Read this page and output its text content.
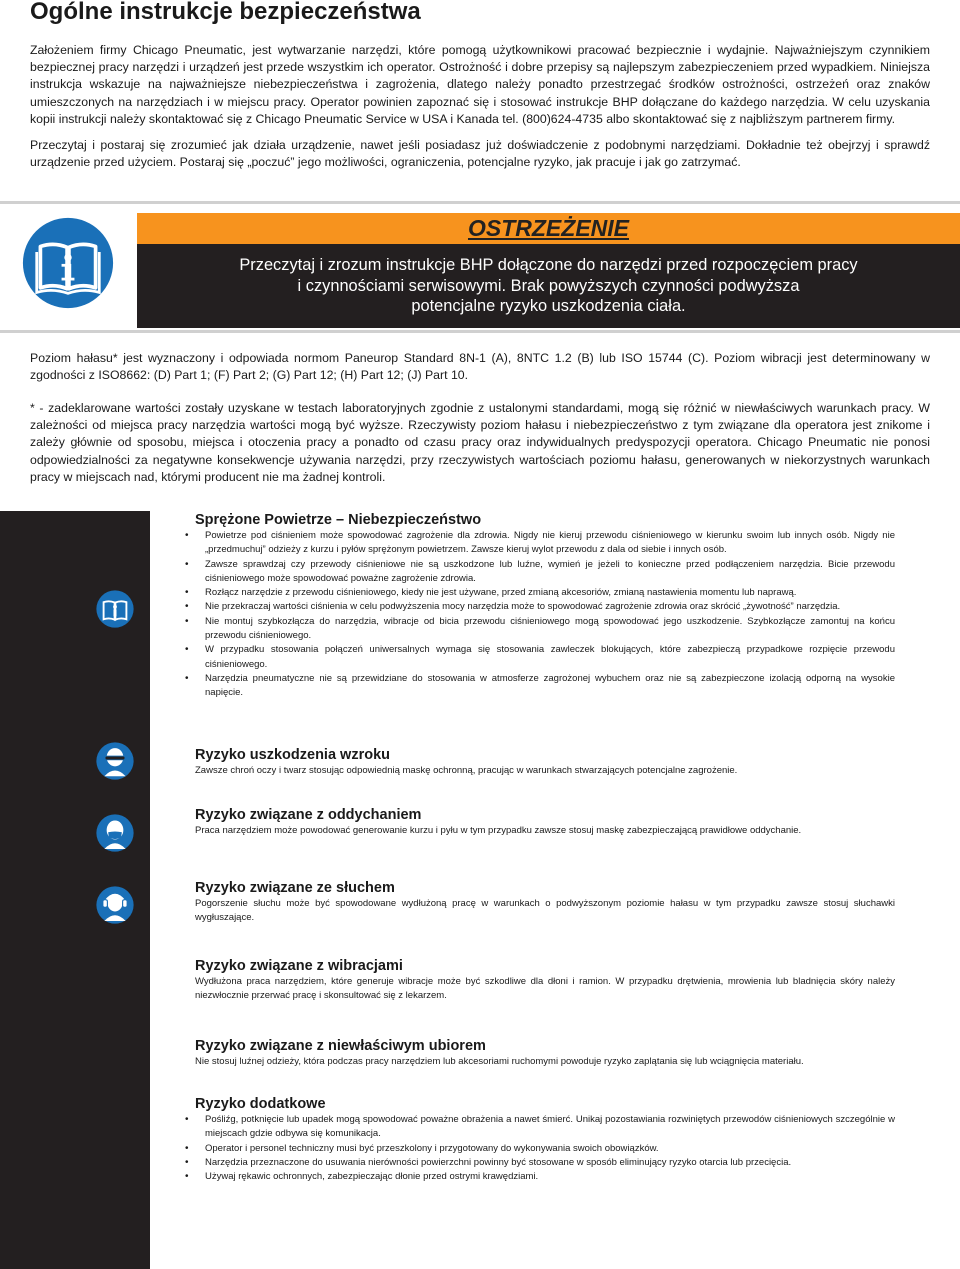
Ogólne instrukcje bezpieczeństwa

Założeniem firmy Chicago Pneumatic, jest wytwarzanie narzędzi, które pomogą użytkownikowi pracować bezpiecznie i wydajnie. Najważniejszym czynnikiem bezpiecznej pracy narzędzi i urządzeń jest przede wszystkim ich operator. Ostrożność i dobre przepisy są najlepszym zabezpieczeniem przed wypadkiem. Niniejsza instrukcja wskazuje na najważniejsze niebezpieczeństwa i zagrożenia, dlatego należy ponadto przestrzegać środków ostrożności, ostrzeżeń oraz znaków umieszczonych na narzędziach i w miejscu pracy. Operator powinien zapoznać się i stosować instrukcje BHP dołączane do każdego narzędzia. W celu uzyskania kopii instrukcji należy skontaktować się z Chicago Pneumatic Service w USA i Kanada tel. (800)624-4735 albo skontaktować się z najbliższym partnerem firmy.

Przeczytaj i postaraj się zrozumieć jak działa urządzenie, nawet jeśli posiadasz już doświadczenie z podobnymi narzędziami. Dokładnie też obejrzyj i sprawdź urządzenie przed użyciem. Postaraj się „poczuć” jego możliwości, ograniczenia, potencjalne ryzyko, jak pracuje i jak go zatrzymać.

OSTRZEŻENIE
Przeczytaj i zrozum instrukcje BHP dołączone do narzędzi przed rozpoczęciem pracy
i czynnościami serwisowymi. Brak powyższych czynności podwyższa
potencjalne ryzyko uszkodzenia ciała.

Poziom hałasu* jest wyznaczony i odpowiada normom Paneurop Standard 8N-1 (A), 8NTC 1.2 (B) lub ISO 15744 (C). Poziom wibracji jest determinowany w zgodności z ISO8662: (D) Part 1; (F) Part 2; (G) Part 12; (H) Part 12; (J) Part 10.

* - zadeklarowane wartości zostały uzyskane w testach laboratoryjnych zgodnie z ustalonymi standardami, mogą się różnić w niewłaściwych warunkach pracy. W zależności od miejsca pracy narzędzia wartości mogą być wyższe. Rzeczywisty poziom hałasu i niebezpieczeństwo z tym związane dla operatora jest znikome i zależy głównie od sposobu, miejsca i otoczenia pracy a ponadto od czasu pracy oraz indywidualnych predyspozycji operatora. Chicago Pneumatic nie ponosi odpowiedzialności za negatywne konsekwencje używania narzędzi, przy rzeczywistych wartościach poziomu hałasu, generowanych w niekorzystnych warunkach pracy w miejscach nad, którymi producent nie ma żadnej kontroli.

Sprężone Powietrze – Niebezpieczeństwo
• Powietrze pod ciśnieniem może spowodować zagrożenie dla zdrowia. Nigdy nie kieruj przewodu ciśnieniowego w kierunku swoim lub innych osób. Nigdy nie „przedmuchuj” odzieży z kurzu i pyłów sprężonym powietrzem. Zawsze kieruj wylot przewodu z dala od siebie i innych osób.
• Zawsze sprawdzaj czy przewody ciśnieniowe nie są uszkodzone lub luźne, wymień je jeżeli to konieczne przed podłączeniem narzędzia. Bicie przewodu ciśnieniowego może spowodować poważne zagrożenie zdrowia.
• Rozłącz narzędzie z przewodu ciśnieniowego, kiedy nie jest używane, przed zmianą akcesoriów, zmianą nastawienia momentu lub naprawą.
• Nie przekraczaj wartości ciśnienia w celu podwyższenia mocy narzędzia może to spowodować zagrożenie zdrowia oraz skrócić „żywotność” narzędzia.
• Nie montuj szybkozłącza do narzędzia, wibracje od bicia przewodu ciśnieniowego mogą spowodować jego uszkodzenie. Szybkozłącze zamontuj na końcu przewodu ciśnieniowego.
• W przypadku stosowania połączeń uniwersalnych wymaga się stosowania zawleczek blokujących, które zabezpieczą przypadkowe rozpięcie przewodu ciśnieniowego.
• Narzędzia pneumatyczne nie są przewidziane do stosowania w atmosferze zagrożonej wybuchem oraz nie są zabezpieczone izolacją odporną na wysokie napięcie.
Ryzyko uszkodzenia wzroku

Zawsze chroń oczy i twarz stosując odpowiednią maskę ochronną, pracując w warunkach stwarzających potencjalne zagrożenie.

Ryzyko związane z oddychaniem

Praca narzędziem może powodować generowanie kurzu i pyłu w tym przypadku zawsze stosuj maskę zabezpieczającą prawidłowe oddychanie.

Ryzyko związane ze słuchem

Pogorszenie słuchu może być spowodowane wydłużoną pracę w warunkach o podwyższonym poziomie hałasu w tym przypadku zawsze stosuj słuchawki wygłuszające.

Ryzyko związane z wibracjami

Wydłużona praca narzędziem, które generuje wibracje może być szkodliwe dla dłoni i ramion. W przypadku drętwienia, mrowienia lub bladnięcia skóry należy niezwłocznie przerwać pracę i skonsultować się z lekarzem.

Ryzyko związane z niewłaściwym ubiorem

Nie stosuj luźnej odzieży, która podczas pracy narzędziem lub akcesoriami ruchomymi powoduje ryzyko zaplątania się lub wciągnięcia materiału.

Ryzyko dodatkowe
• Pośliźg, potknięcie lub upadek mogą spowodować poważne obrażenia a nawet śmierć. Unikaj pozostawiania rozwiniętych przewodów ciśnieniowych szczególnie w miejscach gdzie odbywa się komunikacja.
• Operator i personel techniczny musi być przeszkolony i przygotowany do wykonywania swoich obowiązków.
• Narzędzia przeznaczone do usuwania nierówności powierzchni powinny być stosowane w sposób eliminujący ryzyko otarcia lub przecięcia.
• Używaj rękawic ochronnych, zabezpieczając dłonie przed ostrymi krawędziami.
